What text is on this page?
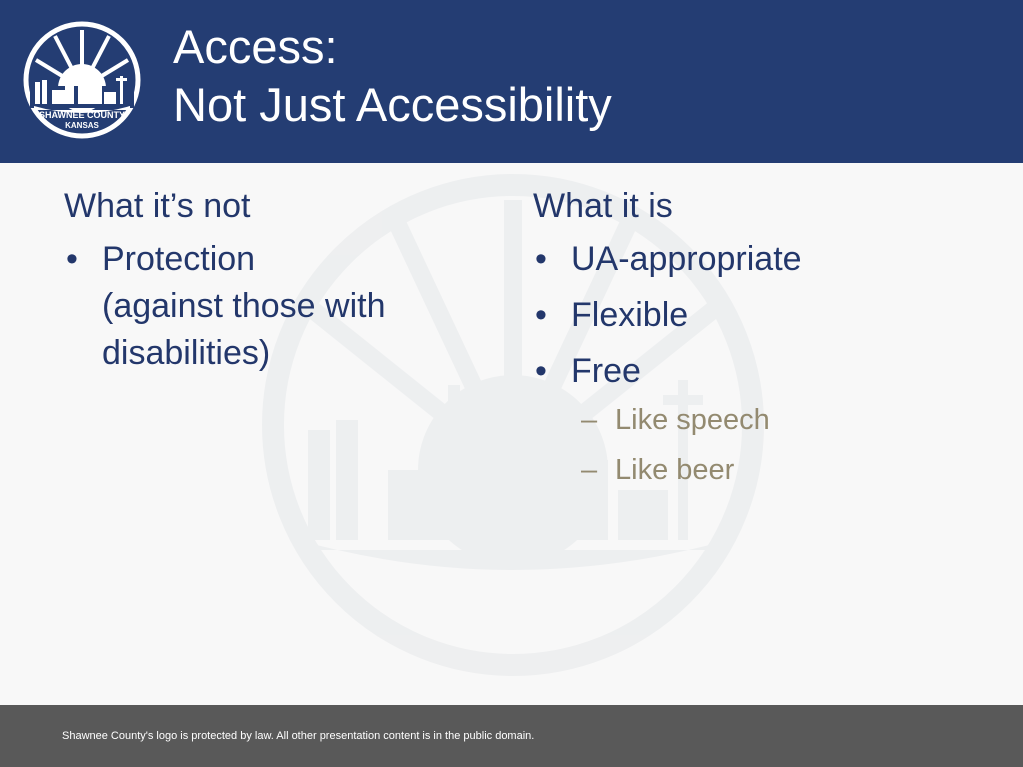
SHAWNEE COUNTY
KANSAS
Access:
Not Just Accessibility
What it’s not
• Protection
(against those with
disabilities)
What it is
• UA-appropriate
• Flexible
• Free
– Like speech
– Like beer
Shawnee County's logo is protected by law. All other presentation content is in the public domain.
